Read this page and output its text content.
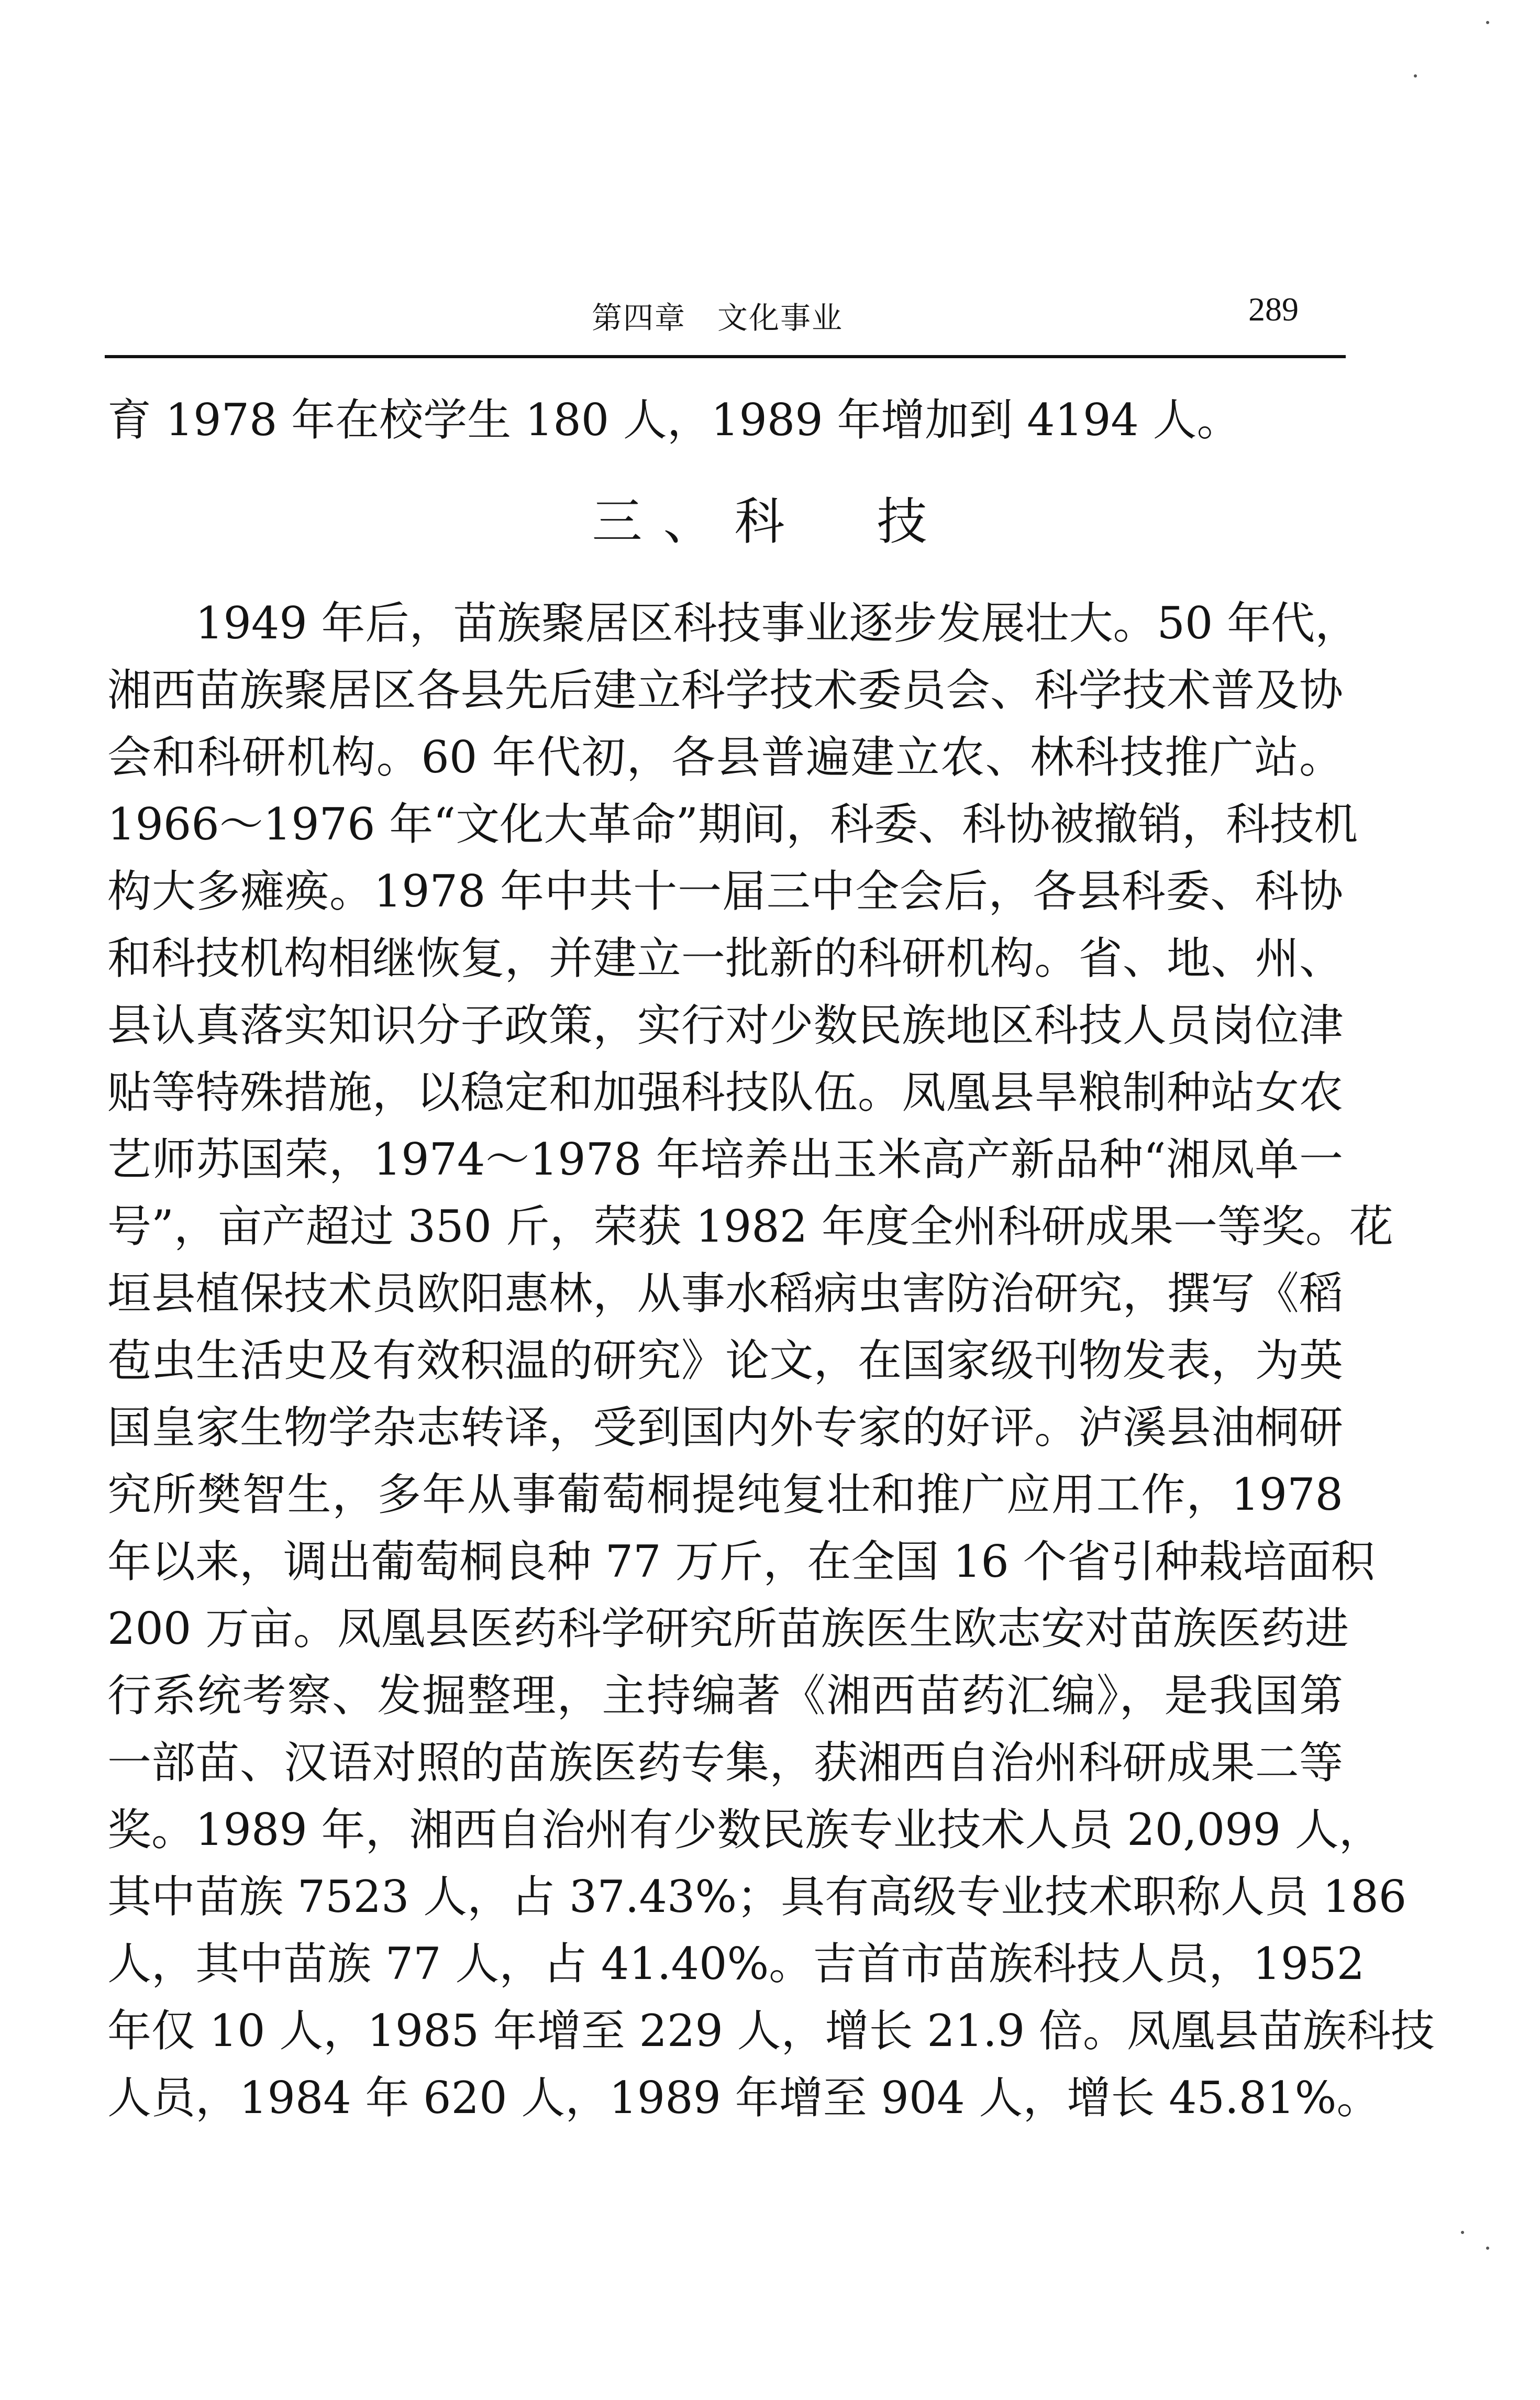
第四章　文化事业	289
育 1978 年在校学生 180 人，1989 年增加到 4194 人。
三、科　技
　　1949 年后，苗族聚居区科技事业逐步发展壮大。50 年代，
湘西苗族聚居区各县先后建立科学技术委员会、科学技术普及协
会和科研机构。60 年代初，各县普遍建立农、林科技推广站。
1966～1976 年“文化大革命”期间，科委、科协被撤销，科技机
构大多瘫痪。1978 年中共十一届三中全会后，各县科委、科协
和科技机构相继恢复，并建立一批新的科研机构。省、地、州、
县认真落实知识分子政策，实行对少数民族地区科技人员岗位津
贴等特殊措施，以稳定和加强科技队伍。凤凰县旱粮制种站女农
艺师苏国荣，1974～1978 年培养出玉米高产新品种“湘凤单一
号”，亩产超过 350 斤，荣获 1982 年度全州科研成果一等奖。花
垣县植保技术员欧阳惠林，从事水稻病虫害防治研究，撰写《稻
苞虫生活史及有效积温的研究》论文，在国家级刊物发表，为英
国皇家生物学杂志转译，受到国内外专家的好评。泸溪县油桐研
究所樊智生，多年从事葡萄桐提纯复壮和推广应用工作，1978
年以来，调出葡萄桐良种 77 万斤，在全国 16 个省引种栽培面积
200 万亩。凤凰县医药科学研究所苗族医生欧志安对苗族医药进
行系统考察、发掘整理，主持编著《湘西苗药汇编》，是我国第
一部苗、汉语对照的苗族医药专集，获湘西自治州科研成果二等
奖。1989 年，湘西自治州有少数民族专业技术人员 20,099 人，
其中苗族 7523 人，占 37.43%；具有高级专业技术职称人员 186
人，其中苗族 77 人，占 41.40%。吉首市苗族科技人员，1952
年仅 10 人，1985 年增至 229 人，增长 21.9 倍。凤凰县苗族科技
人员，1984 年 620 人，1989 年增至 904 人，增长 45.81%。
